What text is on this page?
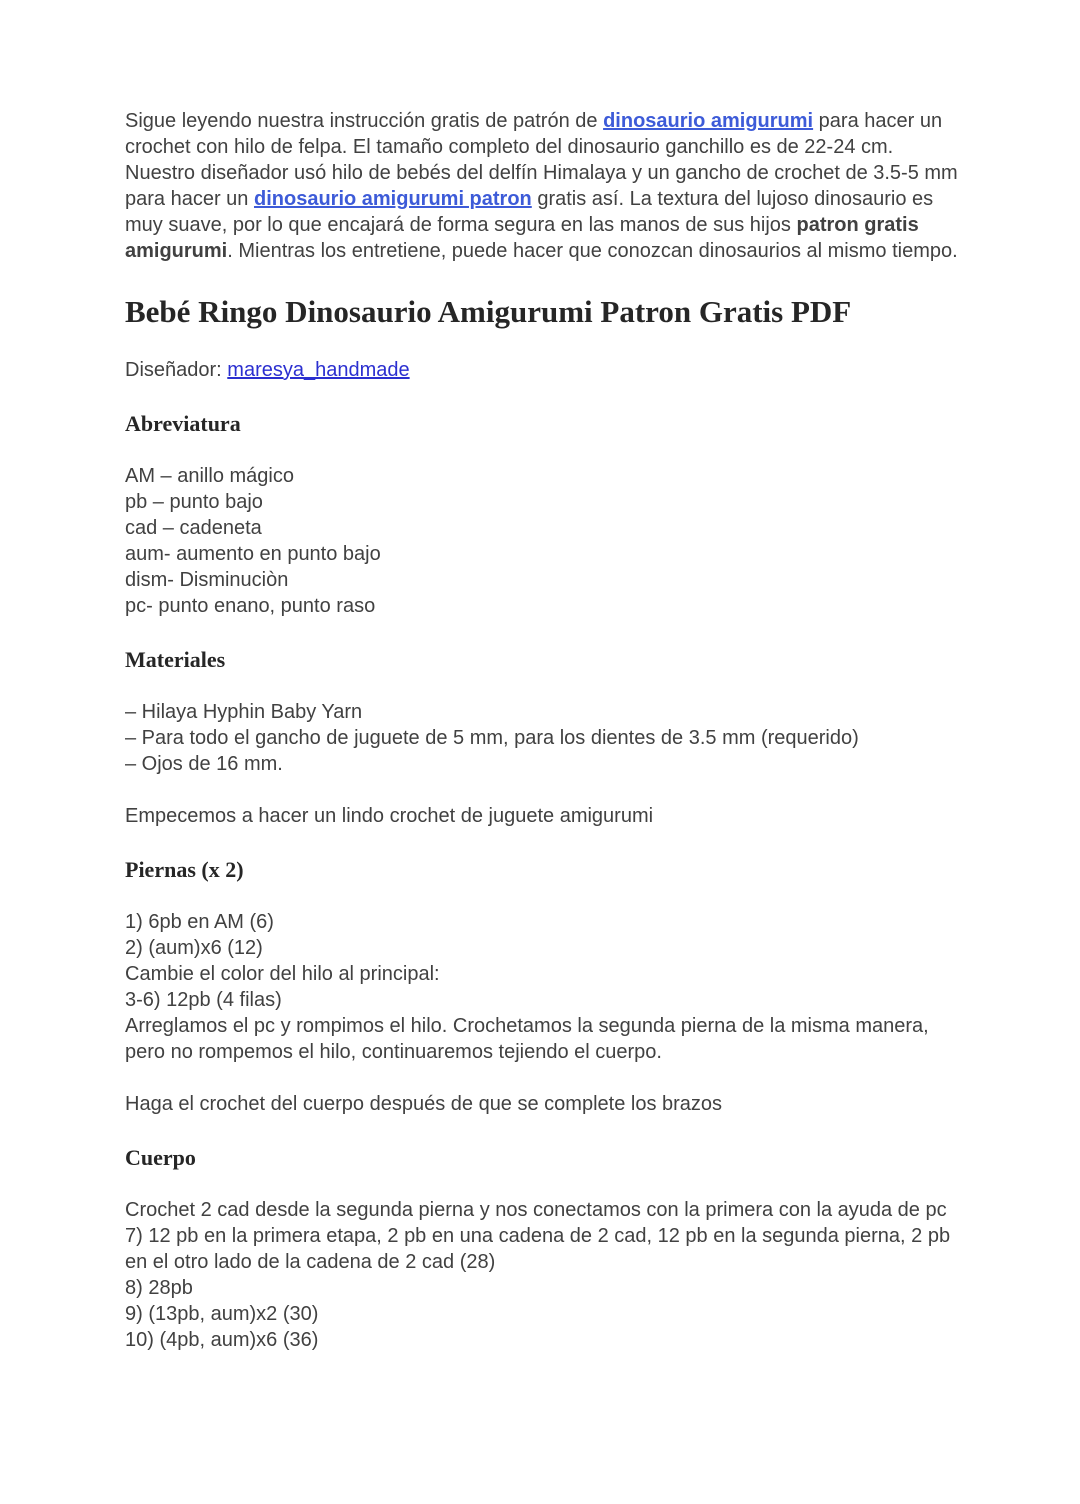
Sigue leyendo nuestra instrucción gratis de patrón de dinosaurio amigurumi para hacer un crochet con hilo de felpa. El tamaño completo del dinosaurio ganchillo es de 22-24 cm. Nuestro diseñador usó hilo de bebés del delfín Himalaya y un gancho de crochet de 3.5-5 mm para hacer un dinosaurio amigurumi patron gratis así. La textura del lujoso dinosaurio es muy suave, por lo que encajará de forma segura en las manos de sus hijos patron gratis amigurumi. Mientras los entretiene, puede hacer que conozcan dinosaurios al mismo tiempo.

Bebé Ringo Dinosaurio Amigurumi Patron Gratis PDF

Diseñador: maresya_handmade

Abreviatura

AM – anillo mágico
pb – punto bajo
cad – cadeneta
aum- aumento en punto bajo
dism- Disminuciòn
pc- punto enano, punto raso

Materiales

– Hilaya Hyphin Baby Yarn
– Para todo el gancho de juguete de 5 mm, para los dientes de 3.5 mm (requerido)
– Ojos de 16 mm.

Empecemos a hacer un lindo crochet de juguete amigurumi

Piernas (x 2)

1) 6pb en AM (6)
2) (aum)x6 (12)
Cambie el color del hilo al principal:
3-6) 12pb (4 filas)
Arreglamos el pc y rompimos el hilo. Crochetamos la segunda pierna de la misma manera, pero no rompemos el hilo, continuaremos tejiendo el cuerpo.

Haga el crochet del cuerpo después de que se complete los brazos

Cuerpo

Crochet 2 cad desde la segunda pierna y nos conectamos con la primera con la ayuda de pc
7) 12 pb en la primera etapa, 2 pb en una cadena de 2 cad, 12 pb en la segunda pierna, 2 pb en el otro lado de la cadena de 2 cad (28)
8) 28pb
9) (13pb, aum)x2 (30)
10) (4pb, aum)x6 (36)
